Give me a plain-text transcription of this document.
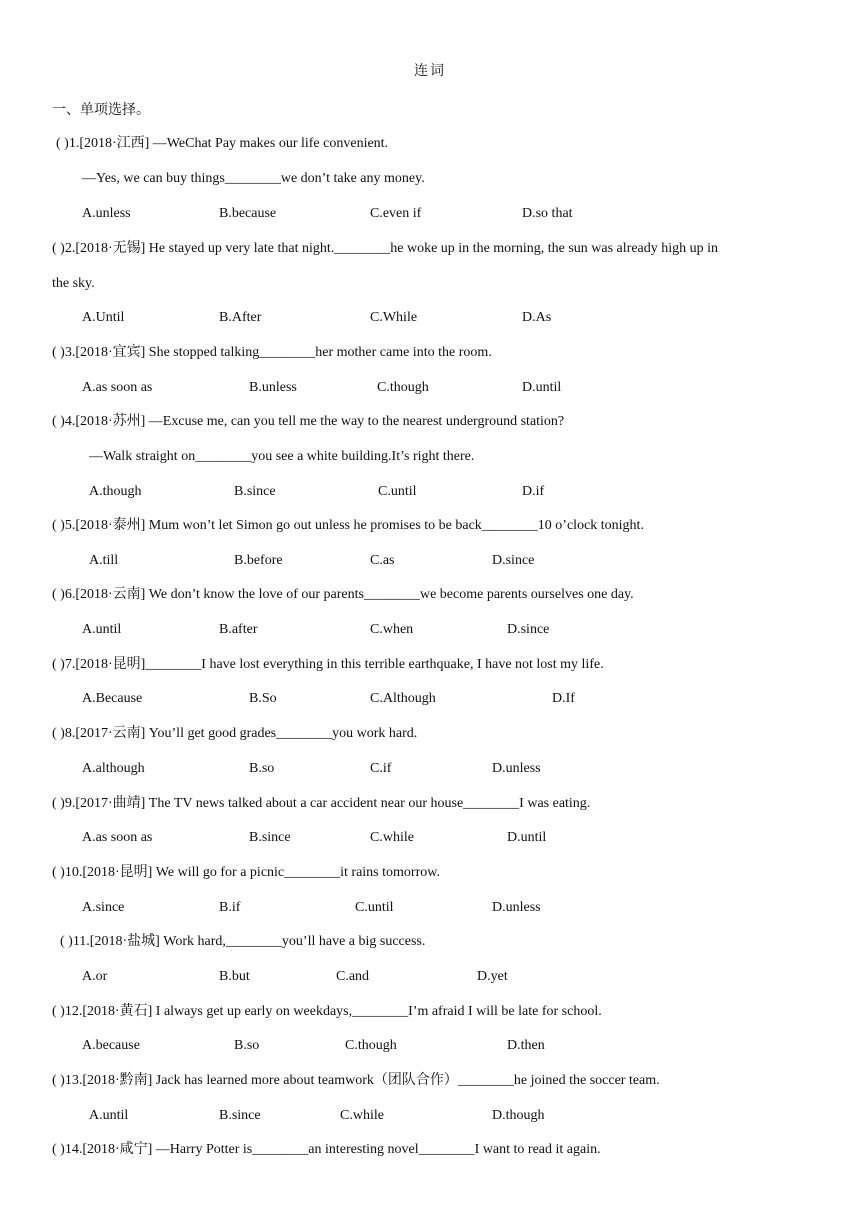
连词
一、单项选择。
( )1.[2018·江西] —WeChat Pay makes our life convenient.
—Yes, we can buy things________we don’t take any money.
A.unless	B.because	C.even if	D.so that
( )2.[2018·无锡] He stayed up very late that night.________he woke up in the morning, the sun was already high up in
the sky.
A.Until	B.After	C.While	D.As
( )3.[2018·宜宾] She stopped talking________her mother came into the room.
A.as soon as	B.unless	C.though	D.until
( )4.[2018·苏州] —Excuse me, can you tell me the way to the nearest underground station?
—Walk straight on________you see a white building.It’s right there.
A.though	B.since	C.until	D.if
( )5.[2018·泰州] Mum won’t let Simon go out unless he promises to be back________10 o’clock tonight.
A.till	B.before	C.as	D.since
( )6.[2018·云南] We don’t know the love of our parents________we become parents ourselves one day.
A.until	B.after	C.when	D.since
( )7.[2018·昆明]________I have lost everything in this terrible earthquake, I have not lost my life.
A.Because	B.So	C.Although	D.If
( )8.[2017·云南] You’ll get good grades________you work hard.
A.although	B.so	C.if	D.unless
( )9.[2017·曲靖] The TV news talked about a car accident near our house________I was eating.
A.as soon as	B.since	C.while	D.until
( )10.[2018·昆明] We will go for a picnic________it rains tomorrow.
A.since	B.if	C.until	D.unless
( )11.[2018·盐城] Work hard,________you’ll have a big success.
A.or	B.but	C.and	D.yet
( )12.[2018·黄石] I always get up early on weekdays,________I’m afraid I will be late for school.
A.because	B.so	C.though	D.then
( )13.[2018·黔南] Jack has learned more about teamwork（团队合作）________he joined the soccer team.
A.until	B.since	C.while	D.though
( )14.[2018·咸宁] —Harry Potter is________an interesting novel________I want to read it again.
